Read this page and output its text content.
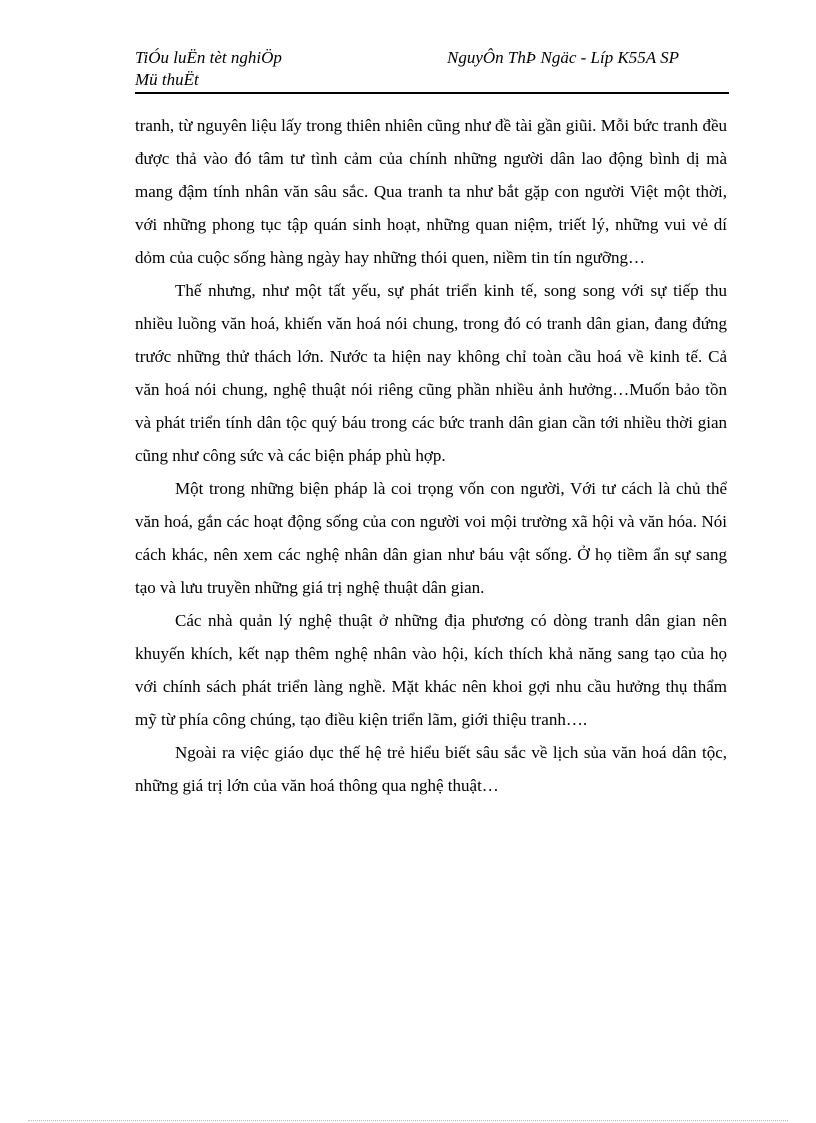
TiÓu luËn tèt nghiÖp	NguyÔn ThÞ Ngäc - Líp K55A SP
Mü thuËt

tranh, từ nguyên liệu lấy trong thiên nhiên cũng như đề tài gần giũi. Mỗi bức tranh đều được thả vào đó tâm tư tình cảm của chính những người dân lao động bình dị mà mang đậm tính nhân văn sâu sắc. Qua tranh ta như bắt gặp con người Việt một thời, với những phong tục tập quán sinh hoạt, những quan niệm, triết lý, những vui vẻ dí dỏm của cuộc sống hàng ngày hay những thói quen, niềm tin tín ngưỡng…

Thế nhưng, như một tất yếu, sự phát triển kinh tế, song song với sự tiếp thu nhiều luồng văn hoá, khiến văn hoá nói chung, trong đó có tranh dân gian, đang đứng trước những thử thách lớn. Nước ta hiện nay không chỉ toàn cầu hoá về kinh tế. Cả văn hoá nói chung, nghệ thuật nói riêng cũng phần nhiều ảnh hưởng…Muốn bảo tồn và phát triển tính dân tộc quý báu trong các bức tranh dân gian cần tới nhiều thời gian cũng như công sức và các biện pháp phù hợp.

Một trong những biện pháp là coi trọng vốn con người, Với tư cách là chủ thể văn hoá, gắn các hoạt động sống của con người voi mội trường xã hội và văn hóa. Nói cách khác, nên xem các nghệ nhân dân gian như báu vật sống. Ở họ tiềm ẩn sự sang tạo và lưu truyền những giá trị nghệ thuật dân gian.

Các nhà quản lý nghệ thuật ở những địa phương có dòng tranh dân gian nên khuyến khích, kết nạp thêm nghệ nhân vào hội, kích thích khả năng sang tạo của họ với chính sách phát triển làng nghề. Mặt khác nên khoi gợi nhu cầu hưởng thụ thẩm mỹ từ phía công chúng, tạo điều kiện triển lãm, giới thiệu tranh….

Ngoài ra việc giáo dục thế hệ trẻ hiểu biết sâu sắc về lịch sủa văn hoá dân tộc, những giá trị lớn của văn hoá thông qua nghệ thuật…
